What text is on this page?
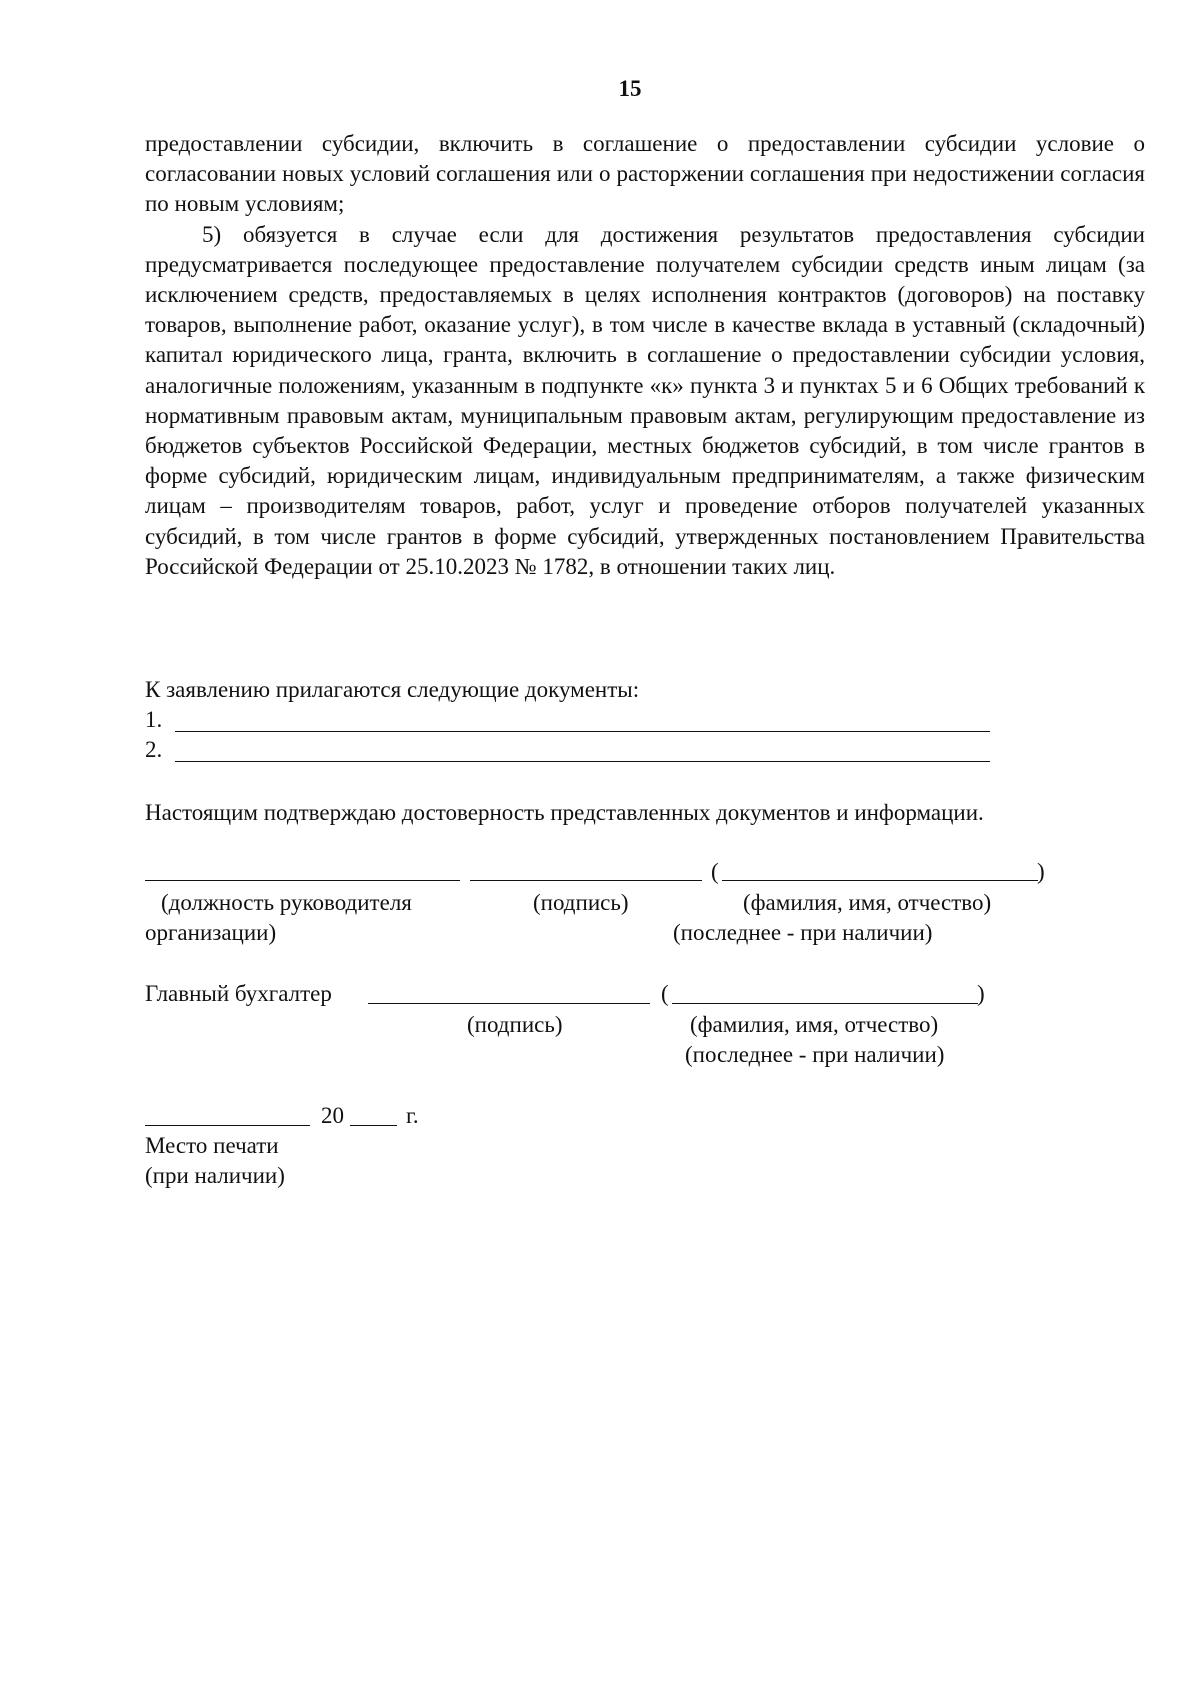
15

предоставлении субсидии, включить в соглашение о предоставлении субсидии условие о согласовании новых условий соглашения или о расторжении соглашения при недостижении согласия по новым условиям;

5) обязуется в случае если для достижения результатов предоставления субсидии предусматривается последующее предоставление получателем субсидии средств иным лицам (за исключением средств, предоставляемых в целях исполнения контрактов (договоров) на поставку товаров, выполнение работ, оказание услуг), в том числе в качестве вклада в уставный (складочный) капитал юридического лица, гранта, включить в соглашение о предоставлении субсидии условия, аналогичные положениям, указанным в подпункте «к» пункта 3 и пунктах 5 и 6 Общих требований к нормативным правовым актам, муниципальным правовым актам, регулирующим предоставление из бюджетов субъектов Российской Федерации, местных бюджетов субсидий, в том числе грантов в форме субсидий, юридическим лицам, индивидуальным предпринимателям, а также физическим лицам – производителям товаров, работ, услуг и проведение отборов получателей указанных субсидий, в том числе грантов в форме субсидий, утвержденных постановлением Правительства Российской Федерации от 25.10.2023 № 1782, в отношении таких лиц.

К заявлению прилагаются следующие документы:
1.
2.
Настоящим подтверждаю достоверность представленных документов и информации.
(	)
(должность руководителя
организации)
(подпись)	(фамилия, имя, отчество)
(последнее - при наличии)
Главный бухгалтер	(	)
(подпись)	(фамилия, имя, отчество)
(последнее - при наличии)
20	г.
Место печати
(при наличии)
